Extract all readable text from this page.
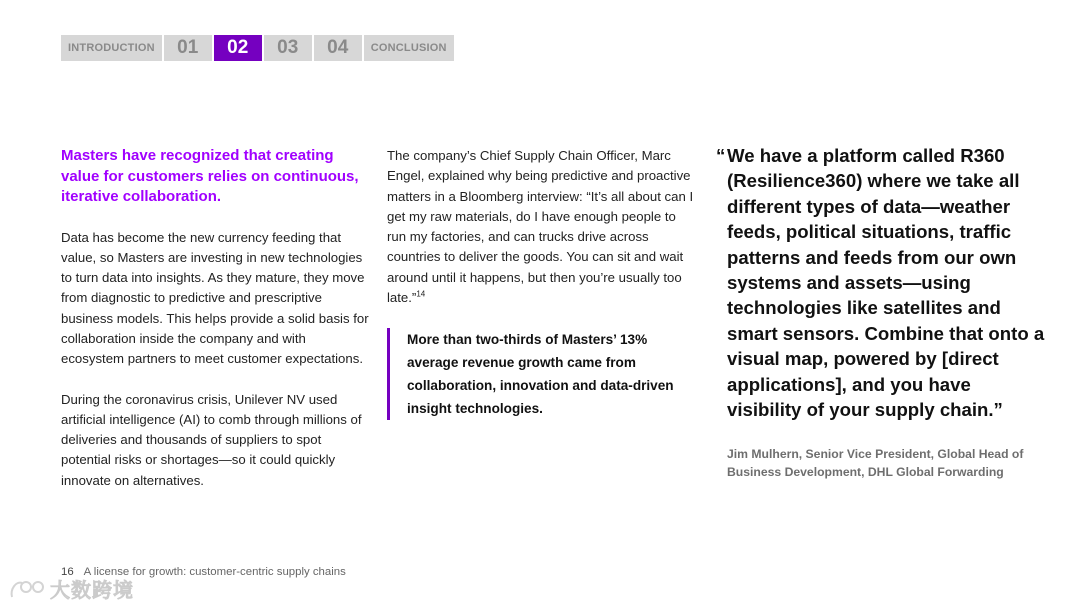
INTRODUCTION	01	02	03	04	CONCLUSION

Masters have recognized that creating value for customers relies on continuous, iterative collaboration.

Data has become the new currency feeding that value, so Masters are investing in new technologies to turn data into insights. As they mature, they move from diagnostic to predictive and prescriptive business models. This helps provide a solid basis for collaboration inside the company and with ecosystem partners to meet customer expectations.

During the coronavirus crisis, Unilever NV used artificial intelligence (AI) to comb through millions of deliveries and thousands of suppliers to spot potential risks or shortages—so it could quickly innovate on alternatives.

The company’s Chief Supply Chain Officer, Marc Engel, explained why being predictive and proactive matters in a Bloomberg interview: “It’s all about can I get my raw materials, do I have enough people to run my factories, and can trucks drive across countries to deliver the goods. You can sit and wait around until it happens, but then you’re usually too late.”$^{14}$

More than two-thirds of Masters’ 13% average revenue growth came from collaboration, innovation and data-driven insight technologies.

“ We have a platform called R360 (Resilience360) where we take all different types of data—weather feeds, political situations, traffic patterns and feeds from our own systems and assets—using technologies like satellites and smart sensors. Combine that onto a visual map, powered by [direct applications], and you have visibility of your supply chain.”

Jim Mulhern, Senior Vice President, Global Head of Business Development, DHL Global Forwarding
16 A license for growth: customer-centric supply chains
大数跨境
